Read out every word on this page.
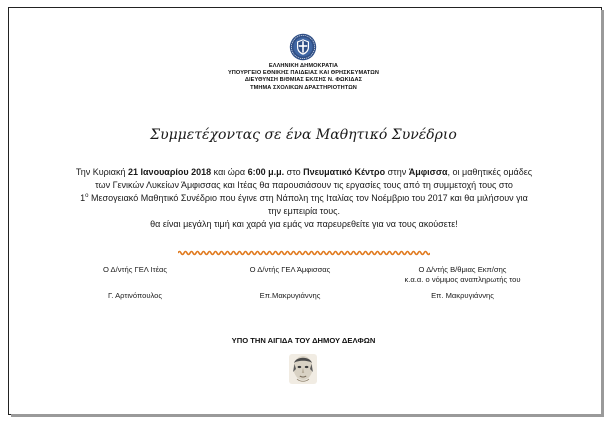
ΕΛΛΗΝΙΚΗ ΔΗΜΟΚΡΑΤΙΑ
ΥΠΟΥΡΓΕΙΟ ΕΘΝΙΚΗΣ ΠΑΙΔΕΙΑΣ ΚΑΙ ΘΡΗΣΚΕΥΜΑΤΩΝ
ΔΙΕΥΘΥΝΣΗ Β/ΘΜΙΑΣ ΕΚ/ΣΗΣ Ν. ΦΩΚΙΔΑΣ
ΤΜΗΜΑ ΣΧΟΛΙΚΩΝ ΔΡΑΣΤΗΡΙΟΤΗΤΩΝ
Συμμετέχοντας σε ένα Μαθητικό Συνέδριο
Την Κυριακή 21 Ιανουαρίου 2018 και ώρα 6:00 μ.μ. στο Πνευματικό Κέντρο στην Άμφισσα, οι μαθητικές ομάδες
των Γενικών Λυκείων Άμφισσας και Ιτέας θα παρουσιάσουν τις εργασίες τους από τη συμμετοχή τους στο
$1^o$ Μεσογειακό Μαθητικό Συνέδριο που έγινε στη Νάπολη της Ιταλίας τον Νοέμβριο του 2017 και θα μιλήσουν για
την εμπειρία τους.
θα είναι μεγάλη τιμή και χαρά για εμάς να παρευρεθείτε για να τους ακούσετε!
Ο Δ/ντής ΓΕΛ Ιτέας
Γ. Αρτινόπουλος
Ο Δ/ντής ΓΕΛ Άμφισσας
Επ.Μακρυγιάννης
Ο Δ/ντής Β/θμιας Εκπ/σης
κ.α.α. ο νόμιμος αναπληρωτής του
Επ. Μακρυγιάννης
ΥΠΟ ΤΗΝ ΑΙΓΙΔΑ ΤΟΥ ΔΗΜΟΥ ΔΕΛΦΩΝ
